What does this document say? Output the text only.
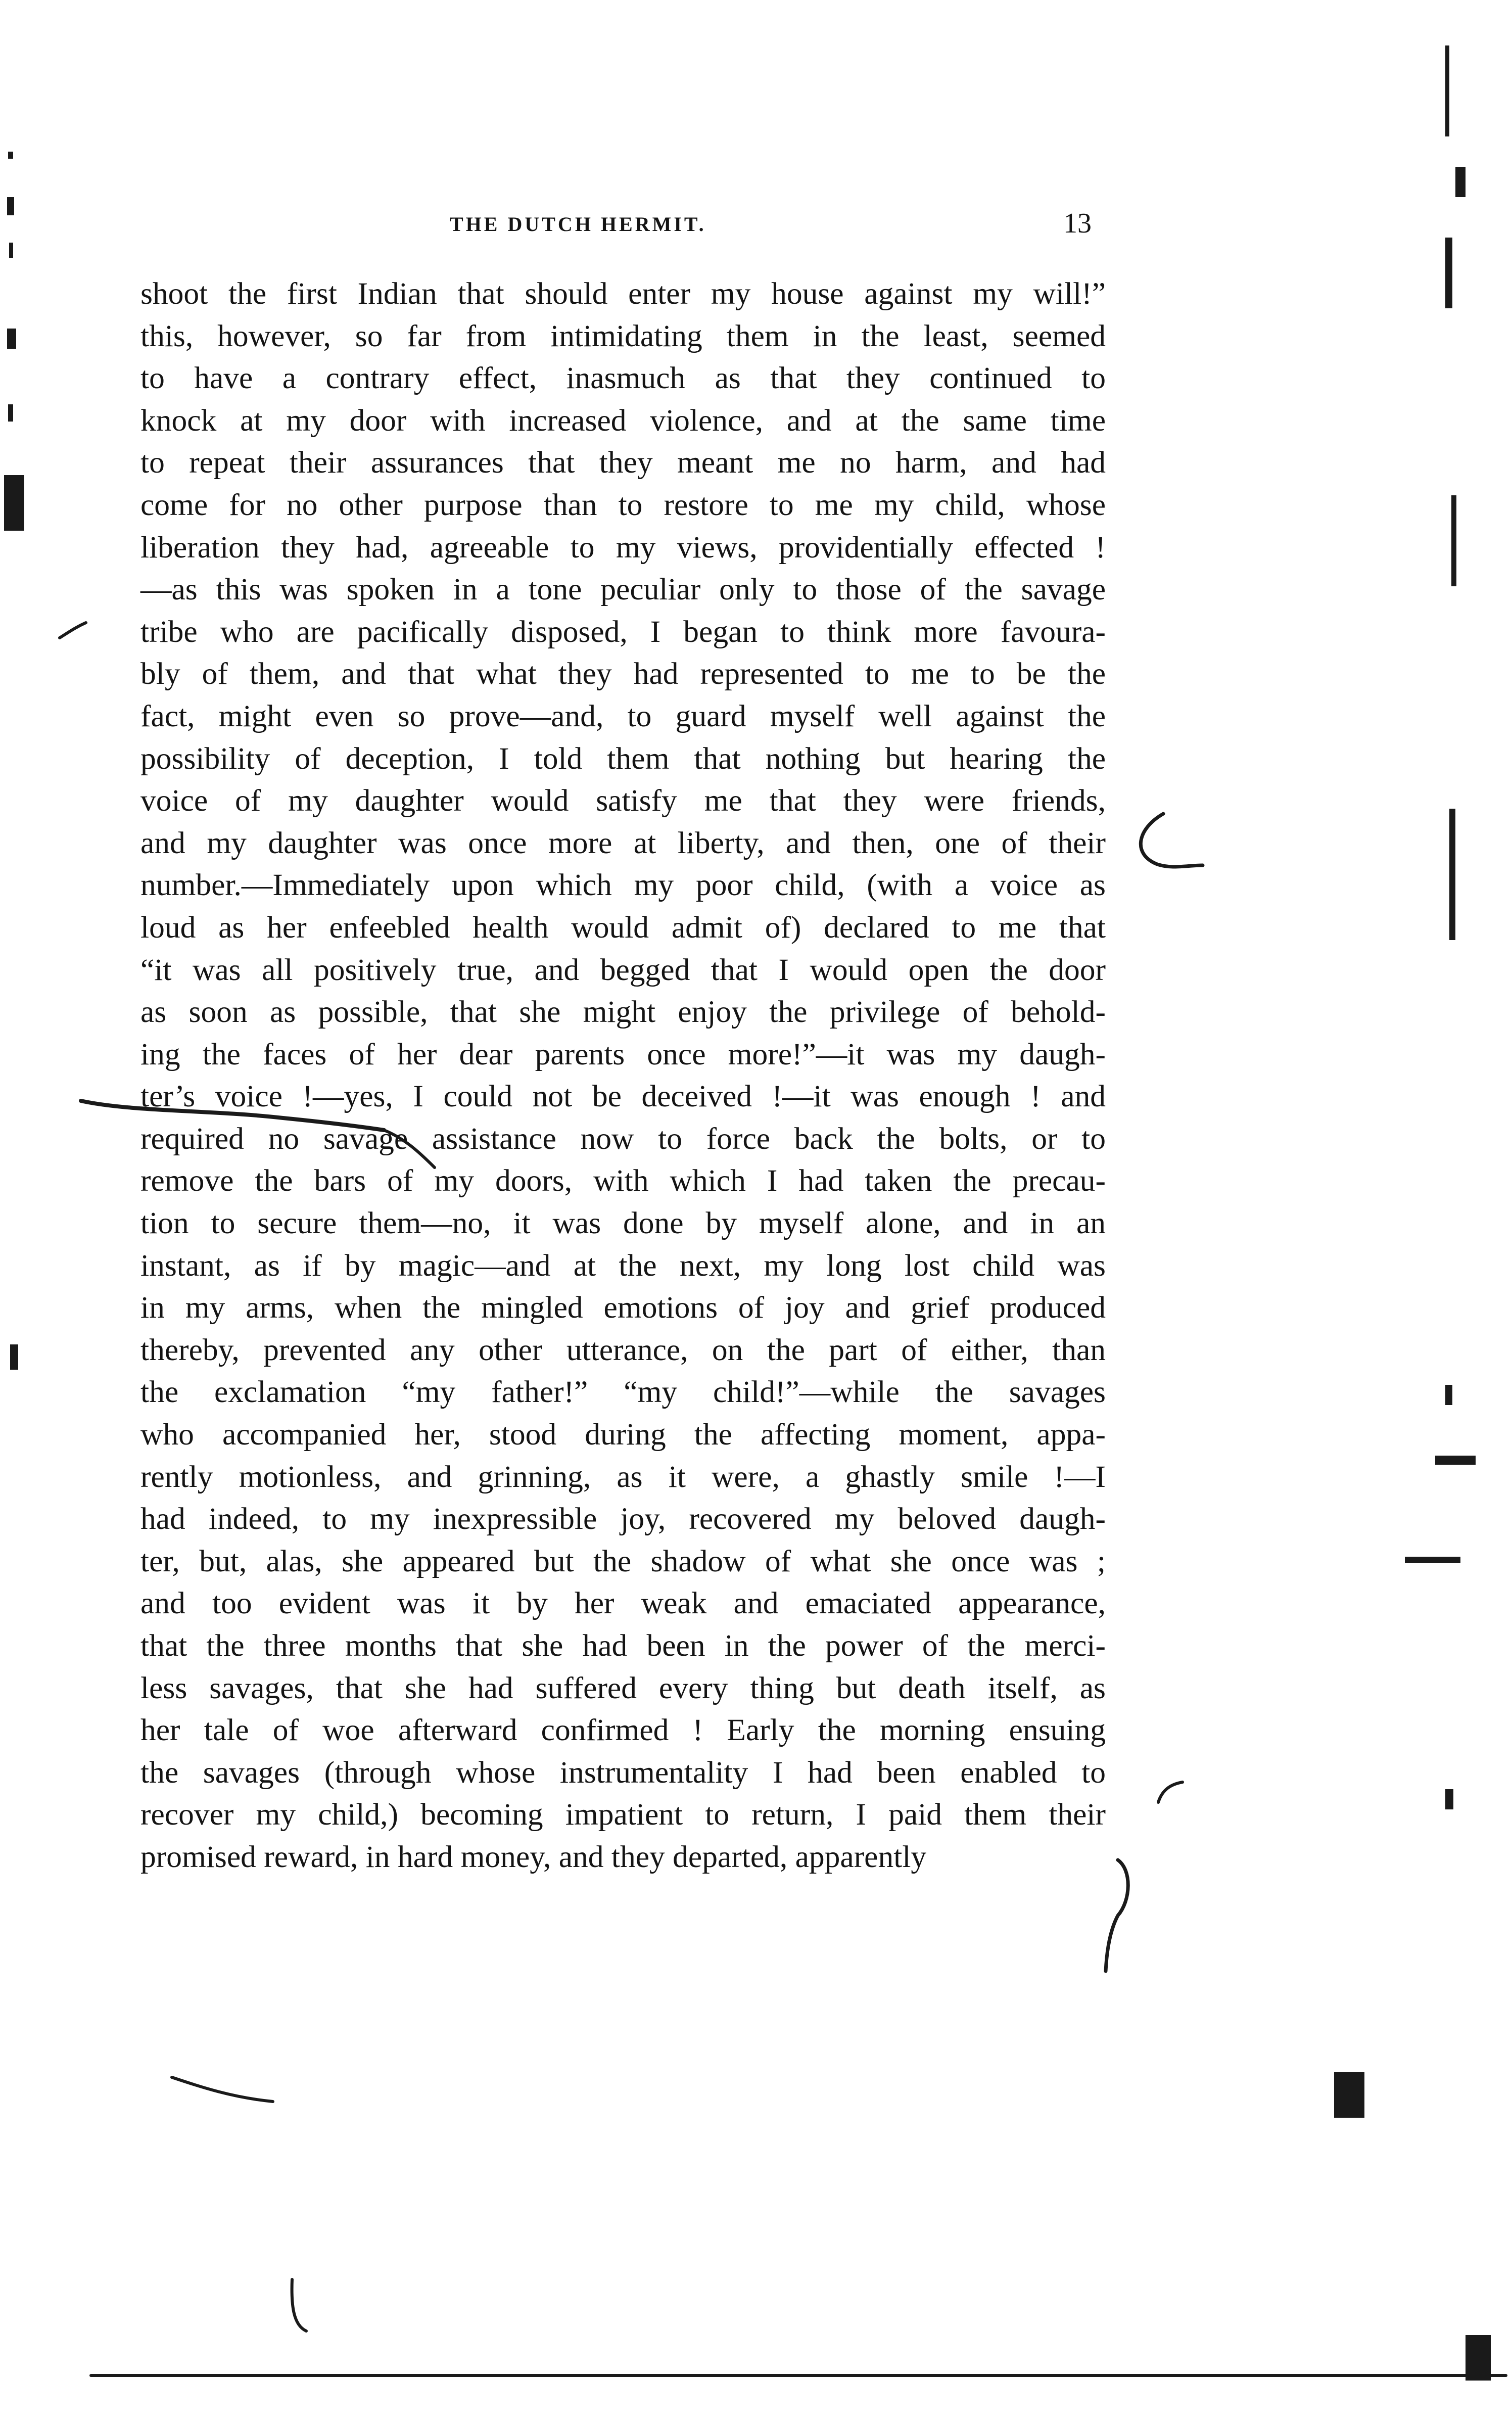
THE DUTCH HERMIT.	13
shoot the first Indian that should enter my house against my will!”
this, however, so far from intimidating them in the least, seemed
to have a contrary effect, inasmuch as that they continued to
knock at my door with increased violence, and at the same time
to repeat their assurances that they meant me no harm, and had
come for no other purpose than to restore to me my child, whose
liberation they had, agreeable to my views, providentially effected !
—as this was spoken in a tone peculiar only to those of the savage
tribe who are pacifically disposed, I began to think more favoura-
bly of them, and that what they had represented to me to be the
fact, might even so prove—and, to guard myself well against the
possibility of deception, I told them that nothing but hearing the
voice of my daughter would satisfy me that they were friends,
and my daughter was once more at liberty, and then, one of their
number.—Immediately upon which my poor child, (with a voice as
loud as her enfeebled health would admit of) declared to me that
“it was all positively true, and begged that I would open the door
as soon as possible, that she might enjoy the privilege of behold-
ing the faces of her dear parents once more!”—it was my daugh-
ter’s voice !—yes, I could not be deceived !—it was enough ! and
required no savage assistance now to force back the bolts, or to
remove the bars of my doors, with which I had taken the precau-
tion to secure them—no, it was done by myself alone, and in an
instant, as if by magic—and at the next, my long lost child was
in my arms, when the mingled emotions of joy and grief produced
thereby, prevented any other utterance, on the part of either, than
the exclamation “my father!” “my child!”—while the savages
who accompanied her, stood during the affecting moment, appa-
rently motionless, and grinning, as it were, a ghastly smile !—I
had indeed, to my inexpressible joy, recovered my beloved daugh-
ter, but, alas, she appeared but the shadow of what she once was ;
and too evident was it by her weak and emaciated appearance,
that the three months that she had been in the power of the merci-
less savages, that she had suffered every thing but death itself, as
her tale of woe afterward confirmed ! Early the morning ensuing
the savages (through whose instrumentality I had been enabled to
recover my child,) becoming impatient to return, I paid them their
promised reward, in hard money, and they departed, apparently
